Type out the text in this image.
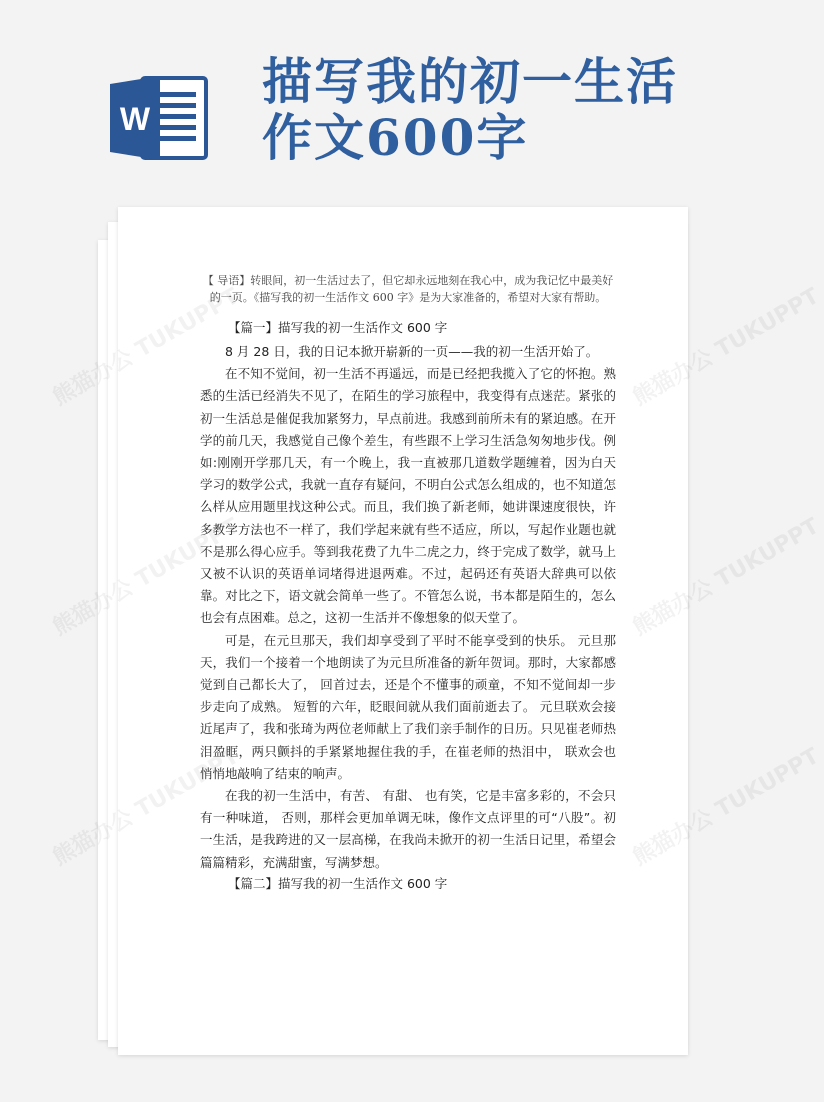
W
描写我的初一生活
作文600字
熊猫办公	熊猫办公 TUKUPPT
熊猫办公	熊猫办公 TUKUPPT
熊猫办公	熊猫办公 TUKUPPT

【 导语】转眼间，初一生活过去了，但它却永远地刻在我心中，成为我记忆中最美好的一页。《描写我的初一生活作文 600 字》是为大家准备的，希望对大家有帮助。

【篇一】描写我的初一生活作文 600 字

8 月 28 日，我的日记本掀开崭新的一页——我的初一生活开始了。

在不知不觉间，初一生活不再遥远，而是已经把我揽入了它的怀抱。熟悉的生活已经消失不见了，在陌生的学习旅程中，我变得有点迷茫。紧张的初一生活总是催促我加紧努力，早点前进。我感到前所未有的紧迫感。在开学的前几天，我感觉自己像个差生，有些跟不上学习生活急匆匆地步伐。例如:刚刚开学那几天，有一个晚上，我一直被那几道数学题缠着，因为白天学习的数学公式，我就一直存有疑问，不明白公式怎么组成的，也不知道怎么样从应用题里找这种公式。而且，我们换了新老师，她讲课速度很快，许多教学方法也不一样了，我们学起来就有些不适应，所以，写起作业题也就不是那么得心应手。等到我花费了九牛二虎之力，终于完成了数学，就马上又被不认识的英语单词堵得进退两难。不过，起码还有英语大辞典可以依靠。对比之下，语文就会简单一些了。不管怎么说，书本都是陌生的，怎么也会有点困难。总之，这初一生活并不像想象的似天堂了。

可是，在元旦那天，我们却享受到了平时不能享受到的快乐。 元旦那天，我们一个接着一个地朗读了为元旦所准备的新年贺词。那时，大家都感觉到自己都长大了， 回首过去，还是个不懂事的顽童，不知不觉间却一步步走向了成熟。 短暂的六年，眨眼间就从我们面前逝去了。 元旦联欢会接近尾声了，我和张琦为两位老师献上了我们亲手制作的日历。只见崔老师热泪盈眶，两只颤抖的手紧紧地握住我的手，在崔老师的热泪中， 联欢会也悄悄地敲响了结束的响声。

在我的初一生活中，有苦、 有甜、 也有笑，它是丰富多彩的，不会只有一种味道， 否则，那样会更加单调无味，像作文点评里的可“八股”。初一生活，是我跨进的又一层高梯，在我尚未掀开的初一生活日记里，希望会篇篇精彩，充满甜蜜，写满梦想。

【篇二】描写我的初一生活作文 600 字
